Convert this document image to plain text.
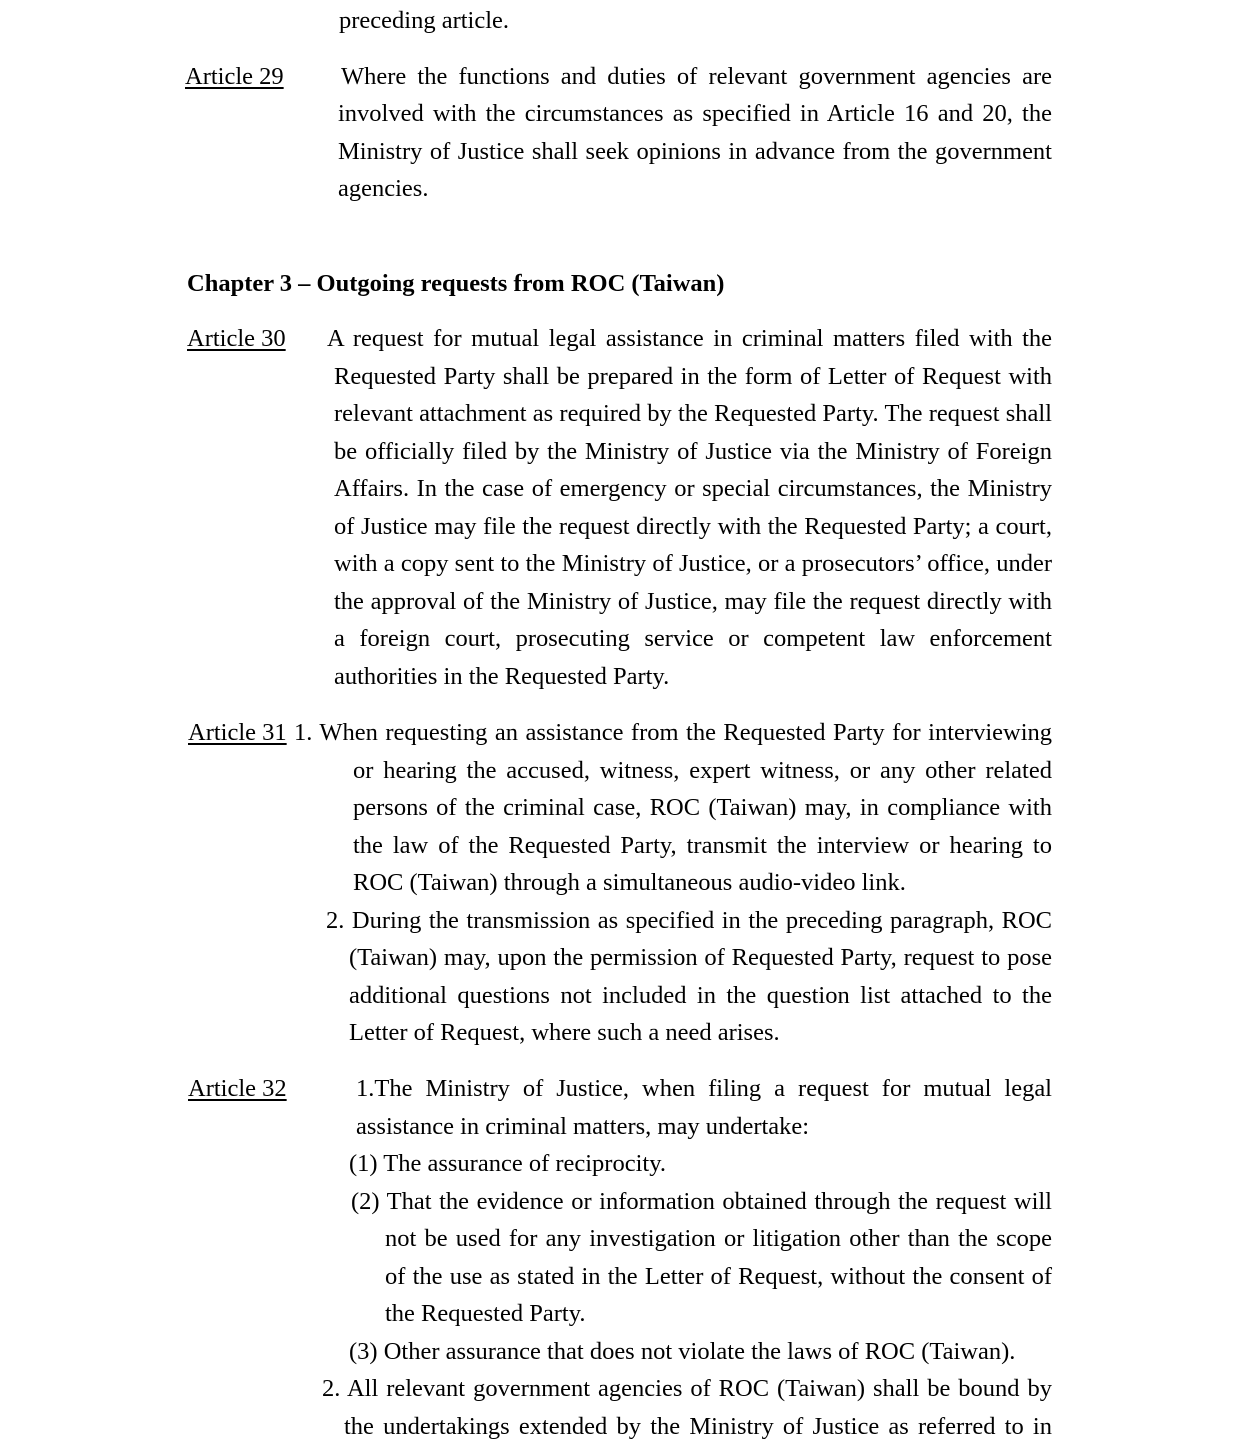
preceding article.
Article 29 Where the functions and duties of relevant government agencies are
involved with the circumstances as specified in Article 16 and 20, the
Ministry of Justice shall seek opinions in advance from the government
agencies.
Chapter 3 – Outgoing requests from ROC (Taiwan)
Article 30 A request for mutual legal assistance in criminal matters filed with the
Requested Party shall be prepared in the form of Letter of Request with
relevant attachment as required by the Requested Party. The request shall
be officially filed by the Ministry of Justice via the Ministry of Foreign
Affairs. In the case of emergency or special circumstances, the Ministry
of Justice may file the request directly with the Requested Party; a court,
with a copy sent to the Ministry of Justice, or a prosecutors’ office, under
the approval of the Ministry of Justice, may file the request directly with
a foreign court, prosecuting service or competent law enforcement
authorities in the Requested Party.
Article 31 1. When requesting an assistance from the Requested Party for interviewing
or hearing the accused, witness, expert witness, or any other related
persons of the criminal case, ROC (Taiwan) may, in compliance with
the law of the Requested Party, transmit the interview or hearing to
ROC (Taiwan) through a simultaneous audio-video link.
2. During the transmission as specified in the preceding paragraph, ROC
(Taiwan) may, upon the permission of Requested Party, request to pose
additional questions not included in the question list attached to the
Letter of Request, where such a need arises.
Article 32	1.The Ministry of Justice, when filing a request for mutual legal
assistance in criminal matters, may undertake:
(1) The assurance of reciprocity.
(2) That the evidence or information obtained through the request will
not be used for any investigation or litigation other than the scope
of the use as stated in the Letter of Request, without the consent of
the Requested Party.
(3) Other assurance that does not violate the laws of ROC (Taiwan).
2. All relevant government agencies of ROC (Taiwan) shall be bound by
the undertakings extended by the Ministry of Justice as referred to in
